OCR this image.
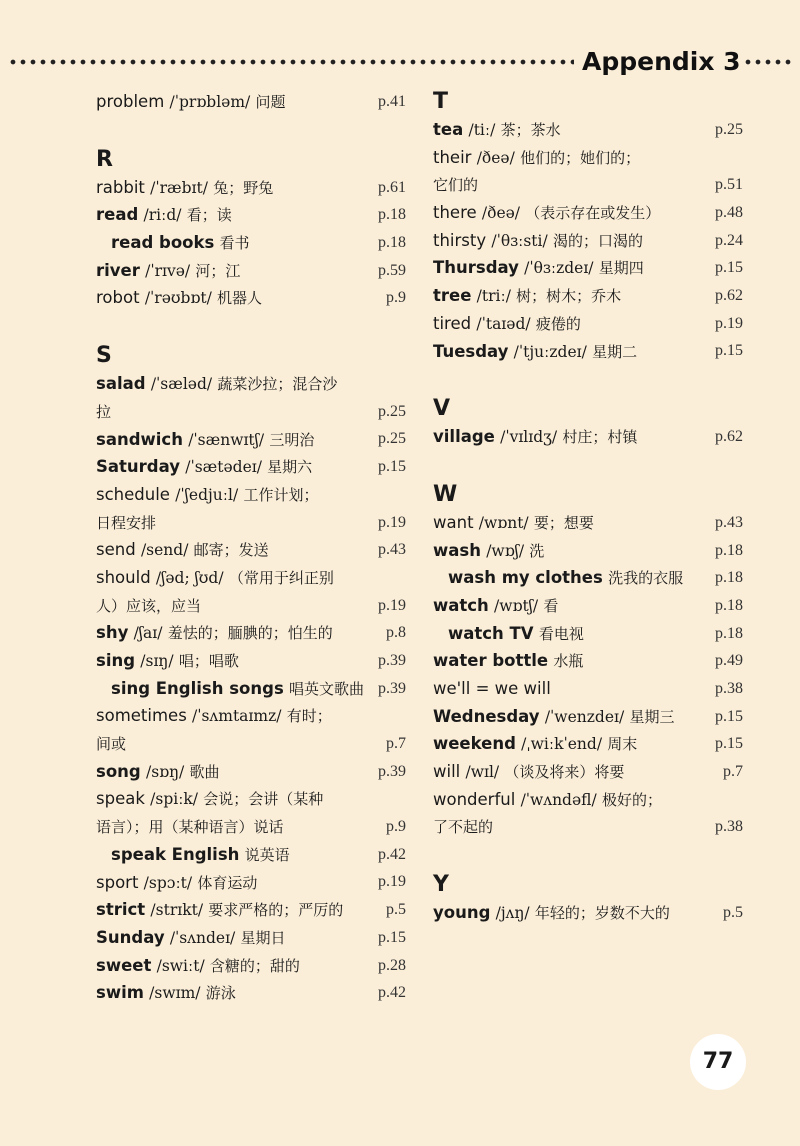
Appendix 3
problem /ˈprɒbləm/ 问题	p.41
R
rabbit /ˈræbɪt/ 兔；野兔	p.61
read /riːd/ 看；读	p.18
read books 看书	p.18
river /ˈrɪvə/ 河；江	p.59
robot /ˈrəʊbɒt/ 机器人	p.9
S
salad /ˈsæləd/ 蔬菜沙拉；混合沙
拉	p.25
sandwich /ˈsænwɪtʃ/ 三明治	p.25
Saturday /ˈsætədeɪ/ 星期六	p.15
schedule /ˈʃedjuːl/ 工作计划；
日程安排	p.19
send /send/ 邮寄；发送	p.43
should /ʃəd; ʃʊd/ （常用于纠正别
人）应该，应当	p.19
shy /ʃaɪ/ 羞怯的；腼腆的；怕生的	p.8
sing /sɪŋ/ 唱；唱歌	p.39
sing English songs 唱英文歌曲 p.39
sometimes /ˈsʌmtaɪmz/ 有时；
间或	p.7
song /sɒŋ/ 歌曲	p.39
speak /spiːk/ 会说；会讲（某种
语言）；用（某种语言）说话	p.9
speak English 说英语	p.42
sport /spɔːt/ 体育运动	p.19
strict /strɪkt/ 要求严格的；严厉的	p.5
Sunday /ˈsʌndeɪ/ 星期日	p.15
sweet /swiːt/ 含糖的；甜的	p.28
swim /swɪm/ 游泳	p.42
T
tea /tiː/ 茶；茶水	p.25
their /ðeə/ 他们的；她们的；
它们的	p.51
there /ðeə/ （表示存在或发生）	p.48
thirsty /ˈθɜːsti/ 渴的；口渴的	p.24
Thursday /ˈθɜːzdeɪ/ 星期四	p.15
tree /triː/ 树；树木；乔木	p.62
tired /ˈtaɪəd/ 疲倦的	p.19
Tuesday /ˈtjuːzdeɪ/ 星期二	p.15
V
village /ˈvɪlɪdʒ/ 村庄；村镇	p.62
W
want /wɒnt/ 要；想要	p.43
wash /wɒʃ/ 洗	p.18
wash my clothes 洗我的衣服	p.18
watch /wɒtʃ/ 看	p.18
watch TV 看电视	p.18
water bottle 水瓶	p.49
we'll = we will	p.38
Wednesday /ˈwenzdeɪ/ 星期三	p.15
weekend /ˌwiːkˈend/ 周末	p.15
will /wɪl/ （谈及将来）将要	p.7
wonderful /ˈwʌndəfl/ 极好的；
了不起的	p.38
Y
young /jʌŋ/ 年轻的；岁数不大的	p.5
77
